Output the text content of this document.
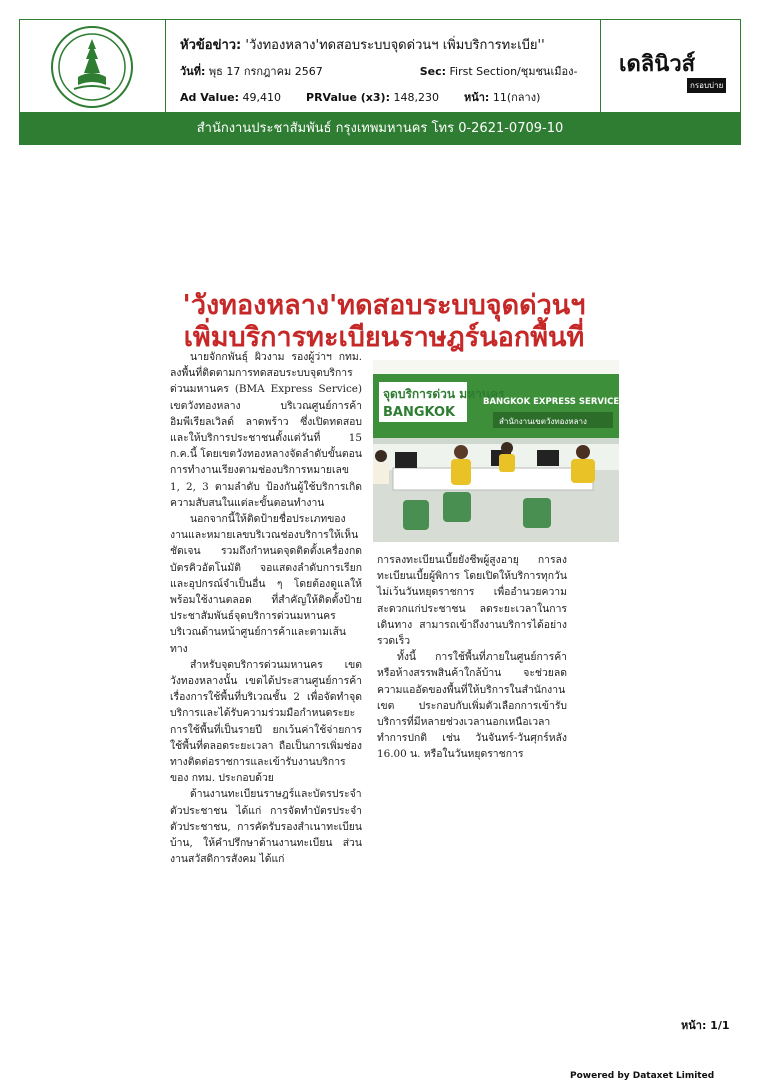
หัวข้อข่าว: 'วังทองหลาง'ทดสอบระบบจุดด่วนฯ เพิ่มบริการทะเบีย''
วันที่: พุธ 17 กรกฎาคม 2567	Sec: First Section/ชุมชนเมือง-
Ad Value: 49,410 PRValue (x3): 148,230 หน้า: 11(กลาง)
เดลินิวส์
กรอบบ่าย
สำนักงานประชาสัมพันธ์ กรุงเทพมหานคร โทร 0-2621-0709-10
'วังทองหลาง'ทดสอบระบบจุดด่วนฯ
เพิ่มบริการทะเบียนราษฎร์นอกพื้นที่

นายจักกพันธุ์ ผิวงาม รองผู้ว่าฯ กทม. ลงพื้นที่ติดตามการทดสอบระบบจุดบริการด่วนมหานคร (BMA Express Service) เขตวังทองหลาง บริเวณศูนย์การค้าอิมพีเรียลเวิลด์ ลาดพร้าว ซึ่งเปิดทดสอบและให้บริการประชาชนตั้งแต่วันที่ 15 ก.ค.นี้ โดยเขตวังทองหลางจัดลำดับขั้นตอนการทำงานเรียงตามช่องบริการหมายเลข 1, 2, 3 ตามลำดับ ป้องกันผู้ใช้บริการเกิดความสับสนในแต่ละขั้นตอนทำงาน

นอกจากนี้ให้ติดป้ายชื่อประเภทของงานและหมายเลขบริเวณช่องบริการให้เห็นชัดเจน รวมถึงกำหนดจุดติดตั้งเครื่องกดบัตรคิวอัตโนมัติ จอแสดงลำดับการเรียก และอุปกรณ์จำเป็นอื่น ๆ โดยต้องดูแลให้พร้อมใช้งานตลอด ที่สำคัญให้ติดตั้งป้ายประชาสัมพันธ์จุดบริการด่วนมหานครบริเวณด้านหน้าศูนย์การค้าและตามเส้นทาง

สำหรับจุดบริการด่วนมหานคร เขตวังทองหลางนั้น เขตได้ประสานศูนย์การค้า เรื่องการใช้พื้นที่บริเวณชั้น 2 เพื่อจัดทำจุดบริการและได้รับความร่วมมือกำหนดระยะการใช้พื้นที่เป็นรายปี ยกเว้นค่าใช้จ่ายการใช้พื้นที่ตลอดระยะเวลา ถือเป็นการเพิ่มช่องทางติดต่อราชการและเข้ารับงานบริการของ กทม. ประกอบด้วย

ด้านงานทะเบียนราษฎร์และบัตรประจำตัวประชาชน ได้แก่ การจัดทำบัตรประจำตัวประชาชน, การคัดรับรองสำเนาทะเบียนบ้าน, ให้คำปรึกษาด้านงานทะเบียน ส่วนงานสวัสดิการสังคม ได้แก่

จุดบริการด่วน มหานคร
BANGKOK
BANGKOK EXPRESS SERVICE
สำนักงานเขตวังทองหลาง

การลงทะเบียนเบี้ยยังชีพผู้สูงอายุ การลงทะเบียนเบี้ยผู้พิการ โดยเปิดให้บริการทุกวันไม่เว้นวันหยุดราชการ เพื่ออำนวยความสะดวกแก่ประชาชน ลดระยะเวลาในการเดินทาง สามารถเข้าถึงงานบริการได้อย่างรวดเร็ว

ทั้งนี้ การใช้พื้นที่ภายในศูนย์การค้า หรือห้างสรรพสินค้าใกล้บ้าน จะช่วยลดความแออัดของพื้นที่ให้บริการในสำนักงานเขต ประกอบกับเพิ่มตัวเลือกการเข้ารับบริการที่มีหลายช่วงเวลานอกเหนือเวลาทำการปกติ เช่น วันจันทร์-วันศุกร์หลัง 16.00 น. หรือในวันหยุดราชการ

หน้า: 1/1
Powered by Dataxet Limited
